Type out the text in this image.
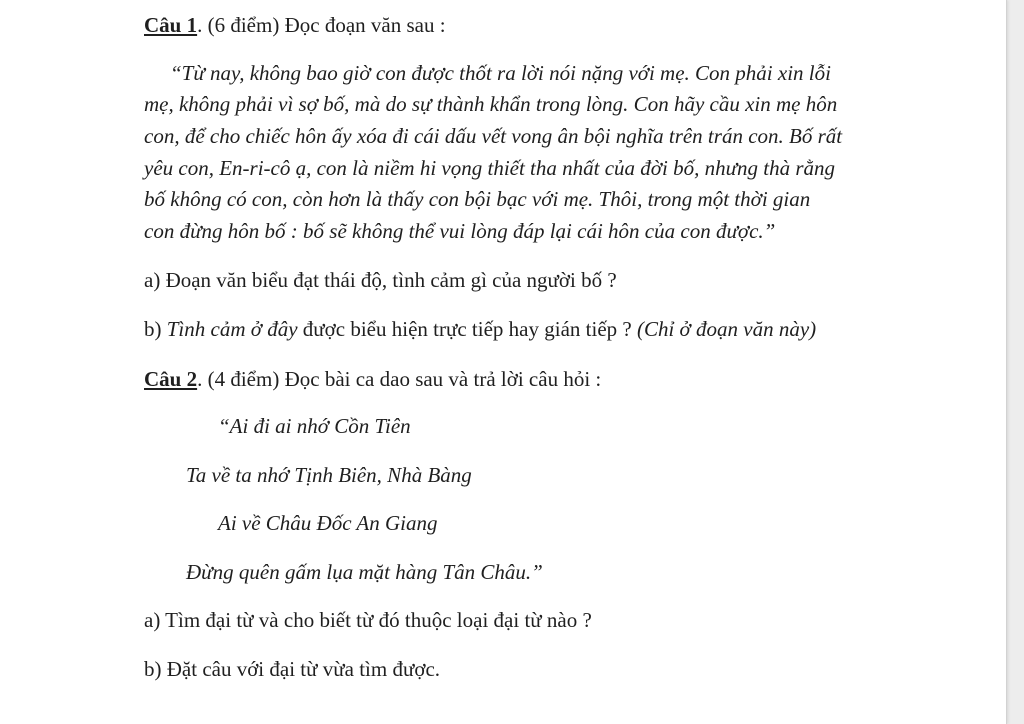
Câu 1. (6 điểm) Đọc đoạn văn sau :
“Từ nay, không bao giờ con được thốt ra lời nói nặng với mẹ. Con phải xin lỗi
mẹ, không phải vì sợ bố, mà do sự thành khẩn trong lòng. Con hãy cầu xin mẹ hôn
con, để cho chiếc hôn ấy xóa đi cái dấu vết vong ân bội nghĩa trên trán con. Bố rất
yêu con, En-ri-cô ạ, con là niềm hi vọng thiết tha nhất của đời bố, nhưng thà rằng
bố không có con, còn hơn là thấy con bội bạc với mẹ. Thôi, trong một thời gian
con đừng hôn bố : bố sẽ không thể vui lòng đáp lại cái hôn của con được.”
a) Đoạn văn biểu đạt thái độ, tình cảm gì của người bố ?
b) Tình cảm ở đây được biểu hiện trực tiếp hay gián tiếp ? (Chỉ ở đoạn văn này)
Câu 2. (4 điểm) Đọc bài ca dao sau và trả lời câu hỏi :
“Ai đi ai nhớ Cồn Tiên
Ta về ta nhớ Tịnh Biên, Nhà Bàng
Ai về Châu Đốc An Giang
Đừng quên gấm lụa mặt hàng Tân Châu.”
a) Tìm đại từ và cho biết từ đó thuộc loại đại từ nào ?
b) Đặt câu với đại từ vừa tìm được.
